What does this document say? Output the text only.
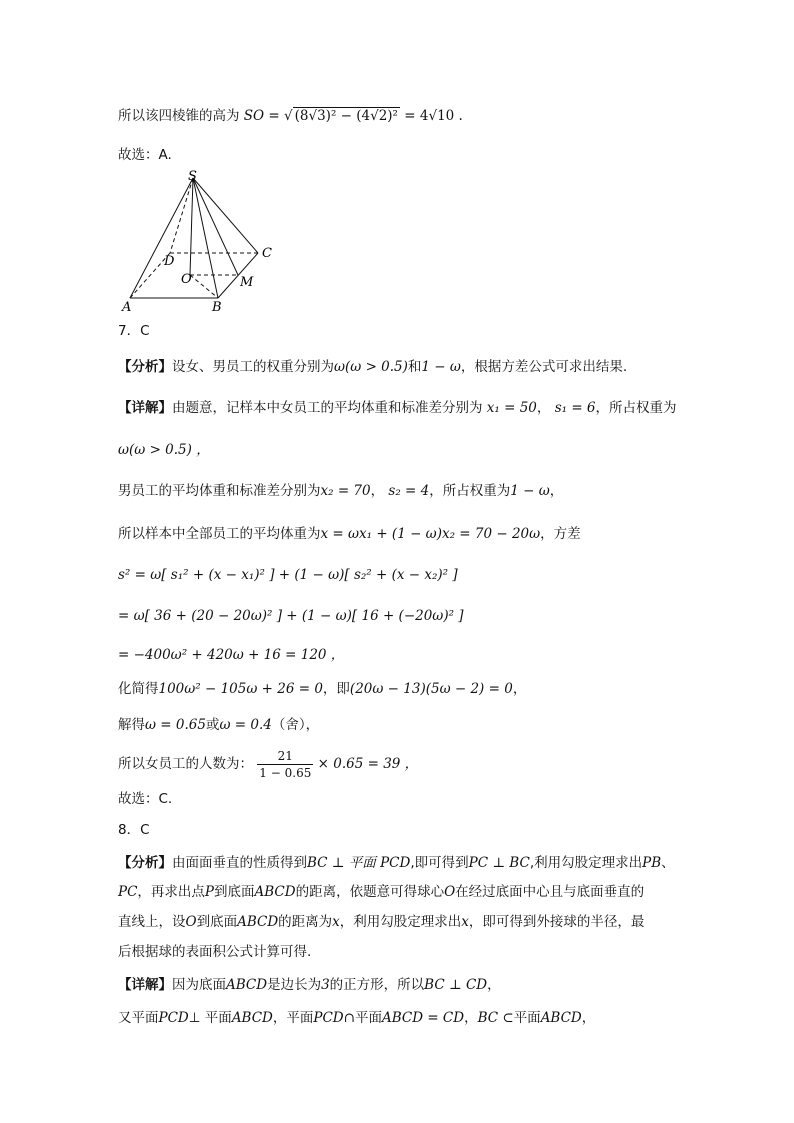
所以该四棱锥的高为 SO = √ (8√3)² − (4√2)² = 4√10 .
故选：A.
S
D
C
O	M
A	B
7．C
【分析】设女、男员工的权重分别为ω(ω > 0.5)和1 − ω，根据方差公式可求出结果.
【详解】由题意，记样本中女员工的平均体重和标准差分别为 x₁ = 50， s₁ = 6，所占权重为
ω(ω > 0.5) ，
男员工的平均体重和标准差分别为x₂ = 70， s₂ = 4，所占权重为1 − ω，
所以样本中全部员工的平均体重为x = ωx₁ + (1 − ω)x₂ = 70 − 20ω，方差
s² = ω[ s₁² + (x − x₁)² ] + (1 − ω)[ s₂² + (x − x₂)² ]
= ω[ 36 + (20 − 20ω)² ] + (1 − ω)[ 16 + (−20ω)² ]
= −400ω² + 420ω + 16 = 120 ，
化简得100ω² − 105ω + 26 = 0，即(20ω − 13)(5ω − 2) = 0，
解得ω = 0.65或ω = 0.4（舍），
所以女员工的人数为： $\frac{21}{1 - 0.65} \times 0.65 = 39$ ，
故选：C.
8．C
【分析】由面面垂直的性质得到BC ⊥ 平面 PCD,即可得到PC ⊥ BC,利用勾股定理求出PB、
PC，再求出点P到底面ABCD的距离，依题意可得球心O在经过底面中心且与底面垂直的
直线上，设O到底面ABCD的距离为x，利用勾股定理求出x，即可得到外接球的半径，最
后根据球的表面积公式计算可得.
【详解】因为底面ABCD是边长为3的正方形，所以BC ⊥ CD，
又平面PCD⊥ 平面ABCD，平面PCD∩平面ABCD = CD，BC ⊂平面ABCD，
